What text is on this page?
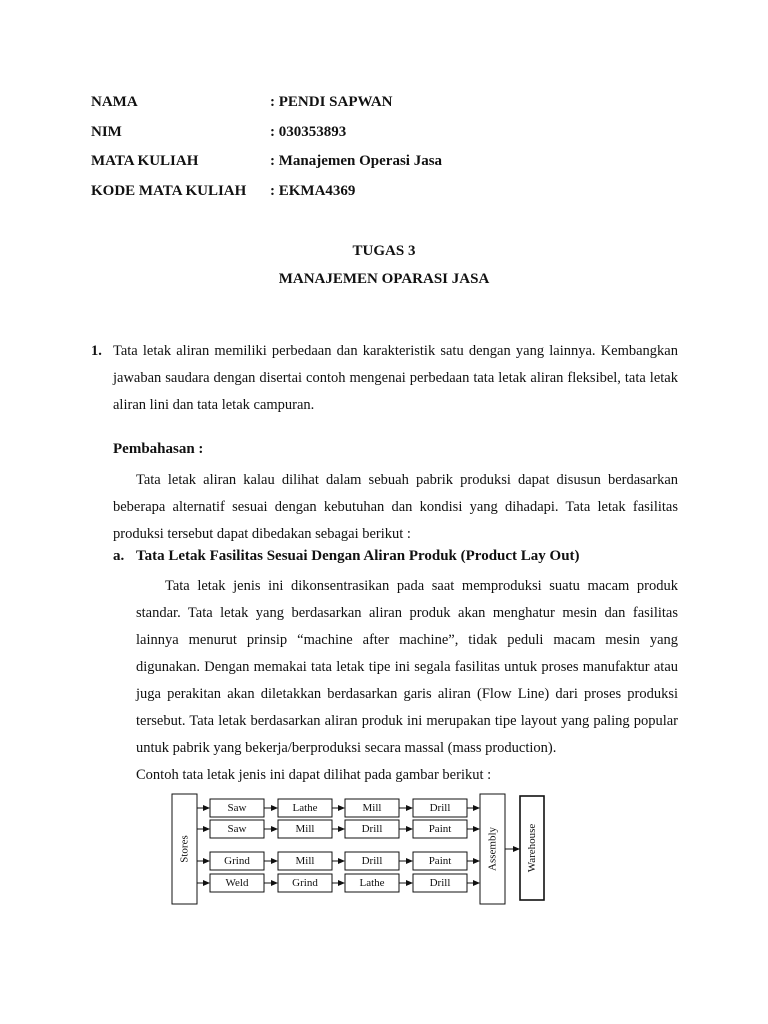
NAMA	: PENDI SAPWAN
NIM	: 030353893
MATA KULIAH	: Manajemen Operasi Jasa
KODE MATA KULIAH	: EKMA4369
TUGAS 3
MANAJEMEN OPARASI JASA
1. Tata letak aliran memiliki perbedaan dan karakteristik satu dengan yang lainnya. Kembangkan jawaban saudara dengan disertai contoh mengenai perbedaan tata letak aliran fleksibel, tata letak aliran lini dan tata letak campuran.
Pembahasan :
Tata letak aliran kalau dilihat dalam sebuah pabrik produksi dapat disusun berdasarkan beberapa alternatif sesuai dengan kebutuhan dan kondisi yang dihadapi. Tata letak fasilitas produksi tersebut dapat dibedakan sebagai berikut :
a. Tata Letak Fasilitas Sesuai Dengan Aliran Produk (Product Lay Out)
Tata letak jenis ini dikonsentrasikan pada saat memproduksi suatu macam produk standar. Tata letak yang berdasarkan aliran produk akan menghatur mesin dan fasilitas lainnya menurut prinsip “machine after machine”, tidak peduli macam mesin yang digunakan. Dengan memakai tata letak tipe ini segala fasilitas untuk proses manufaktur atau juga perakitan akan diletakkan berdasarkan garis aliran (Flow Line) dari proses produksi tersebut. Tata letak berdasarkan aliran produk ini merupakan tipe layout yang paling popular untuk pabrik yang bekerja/berproduksi secara massal (mass production).
Contoh tata letak jenis ini dapat dilihat pada gambar berikut :
Stores	Assembly	Warehouse
Saw	Lathe	Mill	Drill
Saw	Mill	Drill	Paint
Grind	Mill	Drill	Paint
Weld	Grind	Lathe	Drill
